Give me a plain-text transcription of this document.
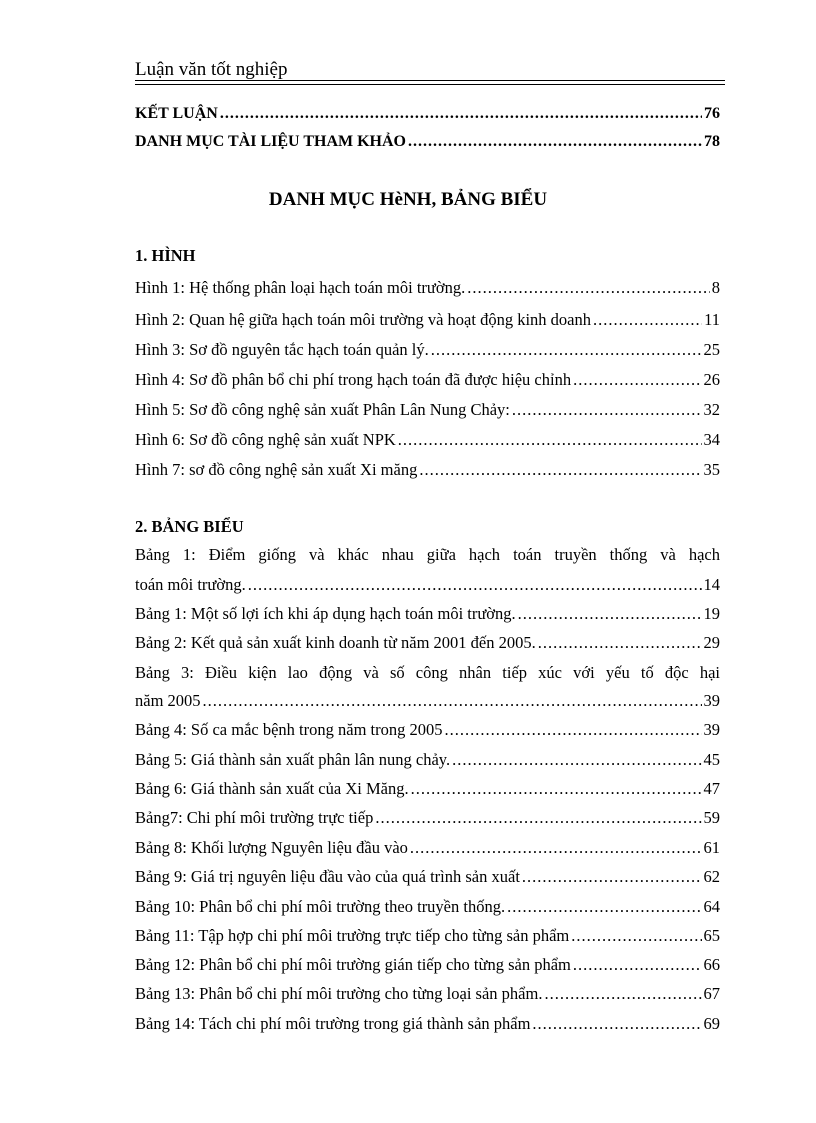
Luận văn tốt nghiệp
KẾT LUẬN .....	76
DANH MỤC TÀI LIỆU THAM KHẢO .....	78
DANH MỤC HèNH, BẢNG BIỂU
1. HÌNH
Hình 1: Hệ thống phân loại hạch toán môi trường. .....	8
Hình 2: Quan hệ giữa hạch toán môi trường và hoạt động kinh doanh .....	11
Hình 3: Sơ đồ nguyên tắc hạch toán quản lý. .....	25
Hình 4: Sơ đồ phân bổ chi phí trong hạch toán đã được hiệu chỉnh .....	26
Hình 5: Sơ đồ công nghệ sản xuất Phân Lân Nung Chảy: .....	32
Hình 6: Sơ đồ công nghệ sản xuất NPK .....	34
Hình 7: sơ đồ công nghệ sản xuất Xi măng .....	35
2. BẢNG BIỂU
Bảng 1: Điểm giống và khác nhau giữa hạch toán truyền thống và hạch
toán môi trường. .....	14
Bảng 1: Một số lợi ích khi áp dụng hạch toán môi trường. .....	19
Bảng 2: Kết quả sản xuất kinh doanh từ năm 2001 đến 2005. .....	29
Bảng 3: Điều kiện lao động và số công nhân tiếp xúc với yếu tố độc hại
năm 2005 .....	39
Bảng 4: Số ca mắc bệnh trong năm trong 2005 .....	39
Bảng 5: Giá thành sản xuất phân lân nung chảy. .....	45
Bảng 6: Giá thành sản xuất của Xi Măng. .....	47
Bảng7: Chi phí môi trường trực tiếp .....	59
Bảng 8: Khối lượng Nguyên liệu đầu vào .....	61
Bảng 9: Giá trị nguyên liệu đầu vào của quá trình sản xuất .....	62
Bảng 10: Phân bổ chi phí môi trường theo truyền thống. .....	64
Bảng 11: Tập hợp chi phí môi trường trực tiếp cho từng sản phẩm .....	65
Bảng 12: Phân bổ chi phí môi trường gián tiếp cho từng sản phẩm .....	66
Bảng 13: Phân bổ chi phí môi trường cho từng loại sản phẩm. .....	67
Bảng 14: Tách chi phí môi trường trong giá thành sản phẩm .....	69
